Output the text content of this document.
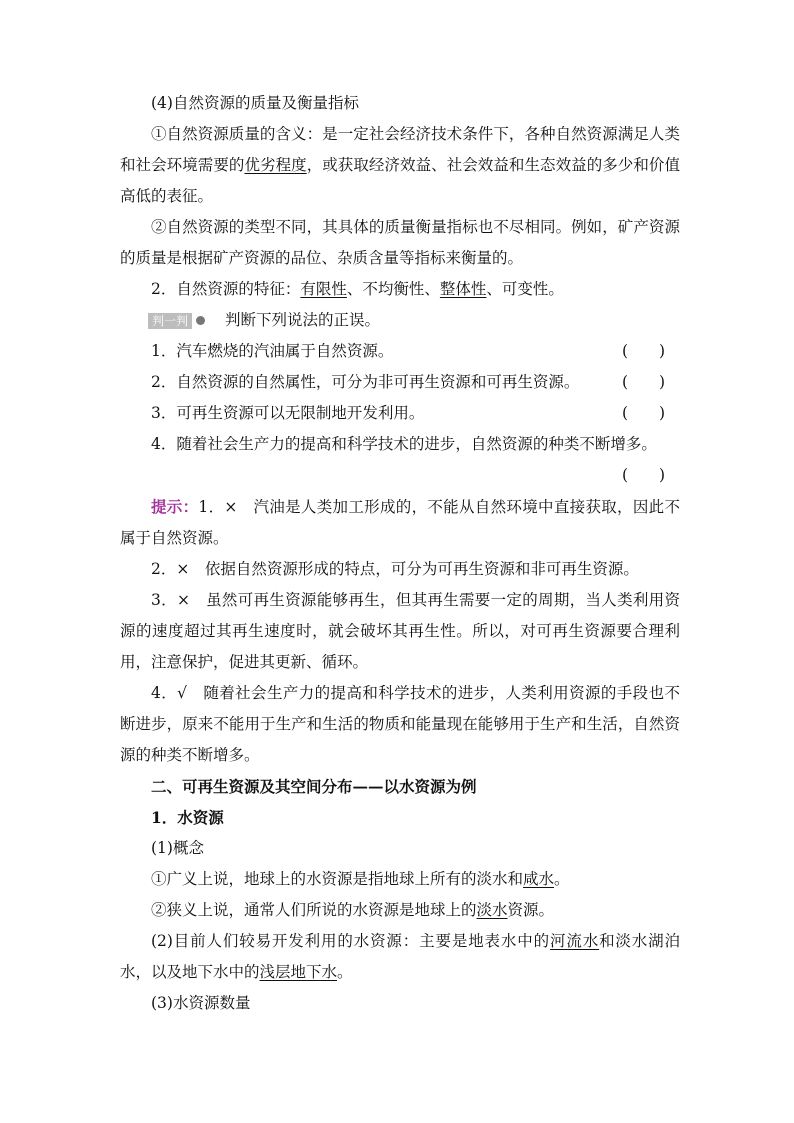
(4)自然资源的质量及衡量指标

①自然资源质量的含义：是一定社会经济技术条件下，各种自然资源满足人类和社会环境需要的优劣程度，或获取经济效益、社会效益和生态效益的多少和价值高低的表征。

②自然资源的类型不同，其具体的质量衡量指标也不尽相同。例如，矿产资源的质量是根据矿产资源的品位、杂质含量等指标来衡量的。

2．自然资源的特征：有限性、不均衡性、整体性、可变性。

判一判 判断下列说法的正误。
1．汽车燃烧的汽油属于自然资源。	(　　)
2．自然资源的自然属性，可分为非可再生资源和可再生资源。	(　　)
3．可再生资源可以无限制地开发利用。	(　　)

4．随着社会生产力的提高和科学技术的进步，自然资源的种类不断增多。

(　　)

提示：1．×　汽油是人类加工形成的，不能从自然环境中直接获取，因此不属于自然资源。

2．×　依据自然资源形成的特点，可分为可再生资源和非可再生资源。

3．×　虽然可再生资源能够再生，但其再生需要一定的周期，当人类利用资源的速度超过其再生速度时，就会破坏其再生性。所以，对可再生资源要合理利用，注意保护，促进其更新、循环。

4．√　随着社会生产力的提高和科学技术的进步，人类利用资源的手段也不断进步，原来不能用于生产和生活的物质和能量现在能够用于生产和生活，自然资源的种类不断增多。

二、可再生资源及其空间分布——以水资源为例

1．水资源

(1)概念

①广义上说，地球上的水资源是指地球上所有的淡水和咸水。

②狭义上说，通常人们所说的水资源是地球上的淡水资源。

(2)目前人们较易开发利用的水资源：主要是地表水中的河流水和淡水湖泊水，以及地下水中的浅层地下水。

(3)水资源数量
